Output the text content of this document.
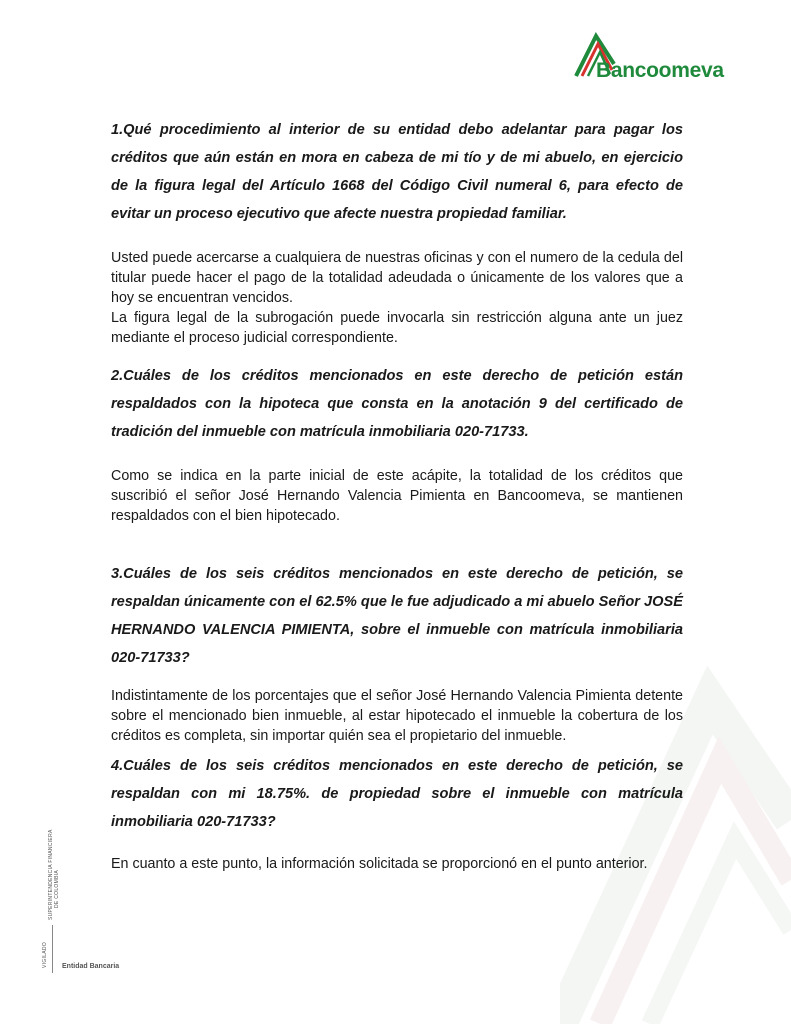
Bancoomeva

1.Qué procedimiento al interior de su entidad debo adelantar para pagar los créditos que aún están en mora en cabeza de mi tío y de mi abuelo, en ejercicio de la figura legal del Artículo 1668 del Código Civil numeral 6, para efecto de evitar un proceso ejecutivo que afecte nuestra propiedad familiar.

Usted puede acercarse a cualquiera de nuestras oficinas y con el numero de la cedula del titular puede hacer el pago de la totalidad adeudada o únicamente de los valores que a hoy se encuentran vencidos.

La figura legal de la subrogación puede invocarla sin restricción alguna ante un juez mediante el proceso judicial correspondiente.

2.Cuáles de los créditos mencionados en este derecho de petición están respaldados con la hipoteca que consta en la anotación 9 del certificado de tradición del inmueble con matrícula inmobiliaria 020-71733.

Como se indica en la parte inicial de este acápite, la totalidad de los créditos que suscribió el señor José Hernando Valencia Pimienta en Bancoomeva, se mantienen respaldados con el bien hipotecado.

3.Cuáles de los seis créditos mencionados en este derecho de petición, se respaldan únicamente con el 62.5% que le fue adjudicado a mi abuelo Señor JOSÉ HERNANDO VALENCIA PIMIENTA, sobre el inmueble con matrícula inmobiliaria 020-71733?

Indistintamente de los porcentajes que el señor José Hernando Valencia Pimienta detente sobre el mencionado bien inmueble, al estar hipotecado el inmueble la cobertura de los créditos es completa, sin importar quién sea el propietario del inmueble.

4.Cuáles de los seis créditos mencionados en este derecho de petición, se respaldan con mi 18.75%. de propiedad sobre el inmueble con matrícula inmobiliaria 020-71733?

En cuanto a este punto, la información solicitada se proporcionó en el punto anterior.

VIGILADO
SUPERINTENDENCIA FINANCIERA DE COLOMBIA
Entidad Bancaria
